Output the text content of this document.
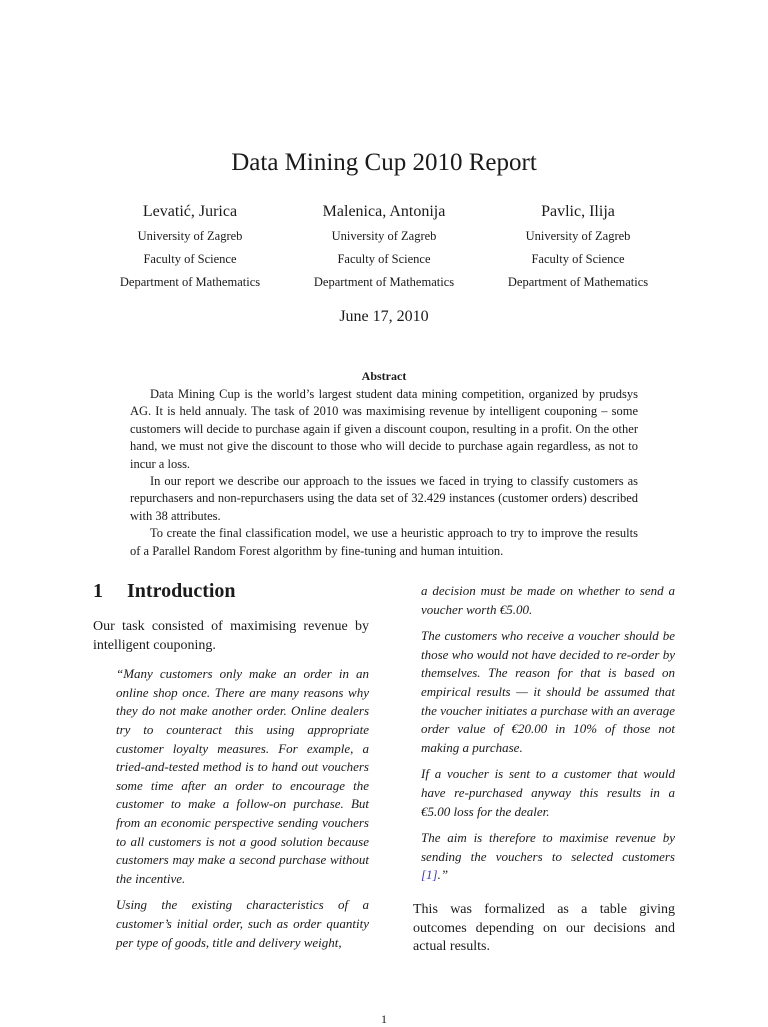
Data Mining Cup 2010 Report
Levatić, Jurica
University of Zagreb
Faculty of Science
Department of Mathematics
Malenica, Antonija
University of Zagreb
Faculty of Science
Department of Mathematics
Pavlic, Ilija
University of Zagreb
Faculty of Science
Department of Mathematics
June 17, 2010
Abstract

Data Mining Cup is the world’s largest student data mining competition, organized by prudsys AG. It is held annualy. The task of 2010 was maximising revenue by intelligent couponing – some customers will decide to purchase again if given a discount coupon, resulting in a profit. On the other hand, we must not give the discount to those who will decide to purchase again regardless, as not to incur a loss.

In our report we describe our approach to the issues we faced in trying to classify customers as repurchasers and non-repurchasers using the data set of 32.429 instances (customer orders) described with 38 attributes.

To create the final classification model, we use a heuristic approach to try to improve the results of a Parallel Random Forest algorithm by fine-tuning and human intuition.

1 Introduction

Our task consisted of maximising revenue by intelligent couponing.

“Many customers only make an order in an online shop once. There are many reasons why they do not make another order. Online dealers try to counteract this using appropriate customer loyalty measures. For example, a tried-and-tested method is to hand out vouchers some time after an order to encourage the customer to make a follow-on purchase. But from an economic perspective sending vouchers to all customers is not a good solution because customers may make a second purchase without the incentive.

Using the existing characteristics of a customer’s initial order, such as order quantity per type of goods, title and delivery weight,

a decision must be made on whether to send a voucher worth €5.00.

The customers who receive a voucher should be those who would not have decided to re-order by themselves. The reason for that is based on empirical results — it should be assumed that the voucher initiates a purchase with an average order value of €20.00 in 10% of those not making a purchase.

If a voucher is sent to a customer that would have re-purchased anyway this results in a €5.00 loss for the dealer.

The aim is therefore to maximise revenue by sending the vouchers to selected customers [1].”

This was formalized as a table giving outcomes depending on our decisions and actual results.

1
